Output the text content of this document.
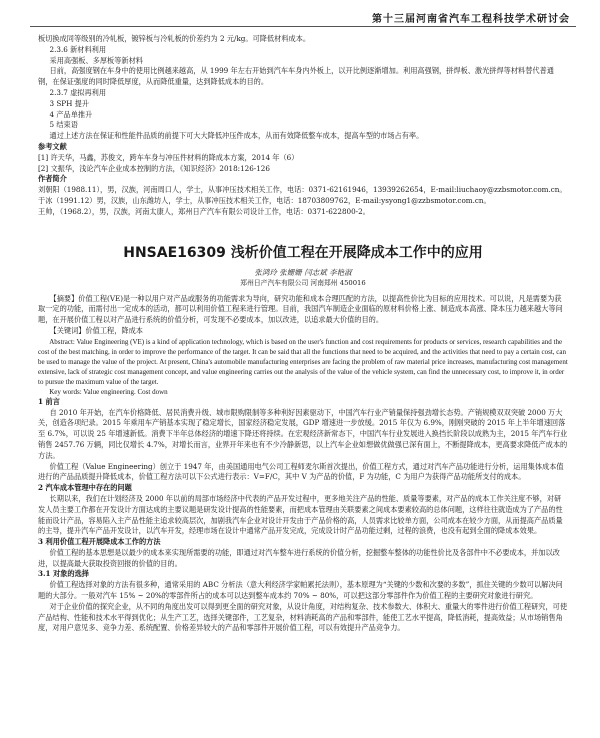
第十三届河南省汽车工程科技学术研讨会

板切换成同等级别的冷轧板，镀锌板与冷轧板的价差约为 2 元/kg。可降低材料成本。

2.3.6 新材料利用

采用高强板、多厚板等新材料

日前，高强度钢在车身中的使用比例越来越高，从 1999 年左右开始到汽车车身内外板上，以开比例逐渐增加。利用高强钢，拼焊板、激光拼焊等材料替代普通钢，在保证强度的同时降低厚度，从而降低重量，达到降低成本的目的。

2.3.7 虚拟再利用

3 SPH 提升

4 产品单推升

5 结束语

通过上述方法在保证和性能件品质的前提下可大大降低冲压件成本，从而有效降低整车成本，提高车型的市场占有率。

参考文献

[1] 许天华，马鑫，苏俊文，跨车车身与冲压件材料的降成本方案，2014 年（6）

[2] 文振华，浅论汽车企业成本控制的方法，《知识经济》2018:126-126

作者简介

刘朝阳（1988.11），男，汉族，河南周口人，学士，从事冲压技术相关工作，电话：0371-62161946，13939262654，E-mail:liuchaoy@zzbsmotor.com.cn。

于冰（1991.12）男，汉族，山东潍坊人，学士，从事冲压技术相关工作，电话：18703809762，E-mail:ysyong1@zzbsmotor.com.cn。

王帅，（1968.2），男，汉族，河南太康人，郑州日产汽车有限公司设计工作，电话：0371-622800-2。

HNSAE16309 浅析价值工程在开展降成本工作中的应用
张鸿玲 张姗姗 闫志斌 李艳淑
郑州日产汽车有限公司 河南郑州 450016

【摘要】价值工程(VE)是一种以用户对产品或服务的功能需求为导向，研究功能和成本合理匹配的方法，以提高性价比为目标的应用技术。可以说，凡是需要为获取一定的功能，而需付出一定成本的活动，都可以利用价值工程来进行管理。目前，我国汽车制造企业面临的原材料价格上涨、制造成本高涨、降本压力越来越大等问题，在开展价值工程以对产品进行系统的价值分析，可发现不必要成本，加以改进，以追求最大价值的目的。

【关键词】价值工程，降成本

Abstract: Value Engineering (VE) is a kind of application technology, which is based on the user's function and cost requirements for products or services, research capabilities and the cost of the best matching, in order to improve the performance of the target. It can be said that all the functions that need to be acquired, and the activities that need to pay a certain cost, can be used to manage the value of the project. At present, China's automobile manufacturing enterprises are facing the problem of raw material price increases, manufacturing cost management extensive, lack of strategic cost management concept, and value engineering carries out the analysis of the value of the vehicle system, can find the unnecessary cost, to improve it, in order to pursue the maximum value of the target.

Key words: Value engineering. Cost down

1 前言

自 2010 年开始，在汽车价格降低、居民消费升级、城市限购限制等多种利好因素驱动下，中国汽车行业产销量保持强劲增长态势。产销规模双双突破 2000 万大关，创造各项纪录。2015 年乘用车产销基本实现了稳定增长，国家经济稳定发展，GDP 增速进一步放缓。2015 年仅为 6.9%，刚刚突破的 2015 年上半年增速回落至 6.7%，可以说 25 年增速新低。消费下半年总体经济的增速下降还将持续。在宏观经济新常态下，中国汽车行业发展进入换挡长阶段以成熟为主，2015 年汽车行业销售 2457.76 万辆，同比仅增长 4.7%，对增长而言，业界开年来也有不少冷静新思，以上汽车企业如想做优做强已深有面上，不断提降成本，更高要求降低产成本的方法。

价值工程（Value Engineering）创立于 1947 年，由美国通用电气公司工程师麦尔斯首次提出，价值工程方式，通过对汽车产品功能进行分析，运用集体成本值进行的产品品质提升降低成本，价值工程方法可以下公式进行表示：V=F/C，其中 V 为产品的价值，F 为功能，C 为用户为获得产品功能所支付的成本。

2 汽车成本管理中存在的问题

长期以来，我们在计划经济及 2000 年以前的局部市场经济中代表的产品开发过程中，更多地关注产品的性能、质量等要素，对产品的成本工作关注度不够，对研发人员主要工作都在开发设计方面达成的主要议题是研发设计提高的性能要素，而把成本管理由关联要素之间成本要素较高的总体问题，这样往往就造成为了产品的性能而设计产品，容易陷入主产品性能主追求较高层次，加剧我汽车企业对设计开发由于产品价格的高，人员需求比较单方面，公司成本在较少方面，从而提高产品质量的主导，提升汽车产品开发设计，以汽车开发，经理市场在设计中通常产品开发完成，完成设计时产品功能过剩，过程的浪费，也没有起到全面的降成本效果。

3 利用价值工程开展降成本工作的方法

价值工程的基本思想是以最少的成本来实现所需要的功能，即通过对汽车整车进行系统的价值分析，挖掘整车整体的功能性价比及各部件中不必要成本，并加以改进，以提高最大获取投资回报的价值的目的。

3.1 对象的选择

价值工程选择对象的方法有很多种，通常采用的 ABC 分析法（意大利经济学家帕累托法则），基本原理为“关键的少数和次要的多数”，抓住关键的少数可以解决问题的大部分。一般对汽车 15% ~ 20%的零部件所占的成本可以达到整车成本约 70% ~ 80%，可以把这部分零部件作为价值工程的主要研究对象进行研究。

对于企业价值的探究企业，从不同的角度出发可以得到更全面的研究对象，从设计角度，对结构复杂、技术参数大、体积大、重量大的零件进行价值工程研究，可使产品结构、性能和技术水平得到优化；从生产工艺，选择关键部件，工艺复杂，材料消耗高的产品和零部件，能使工艺水平提高，降低消耗，提高效益；从市场销售角度，对用户意见多、竞争力差、系统配置、价格差异较大的产品和零部件开展价值工程，可以有效提升产品竞争力。
